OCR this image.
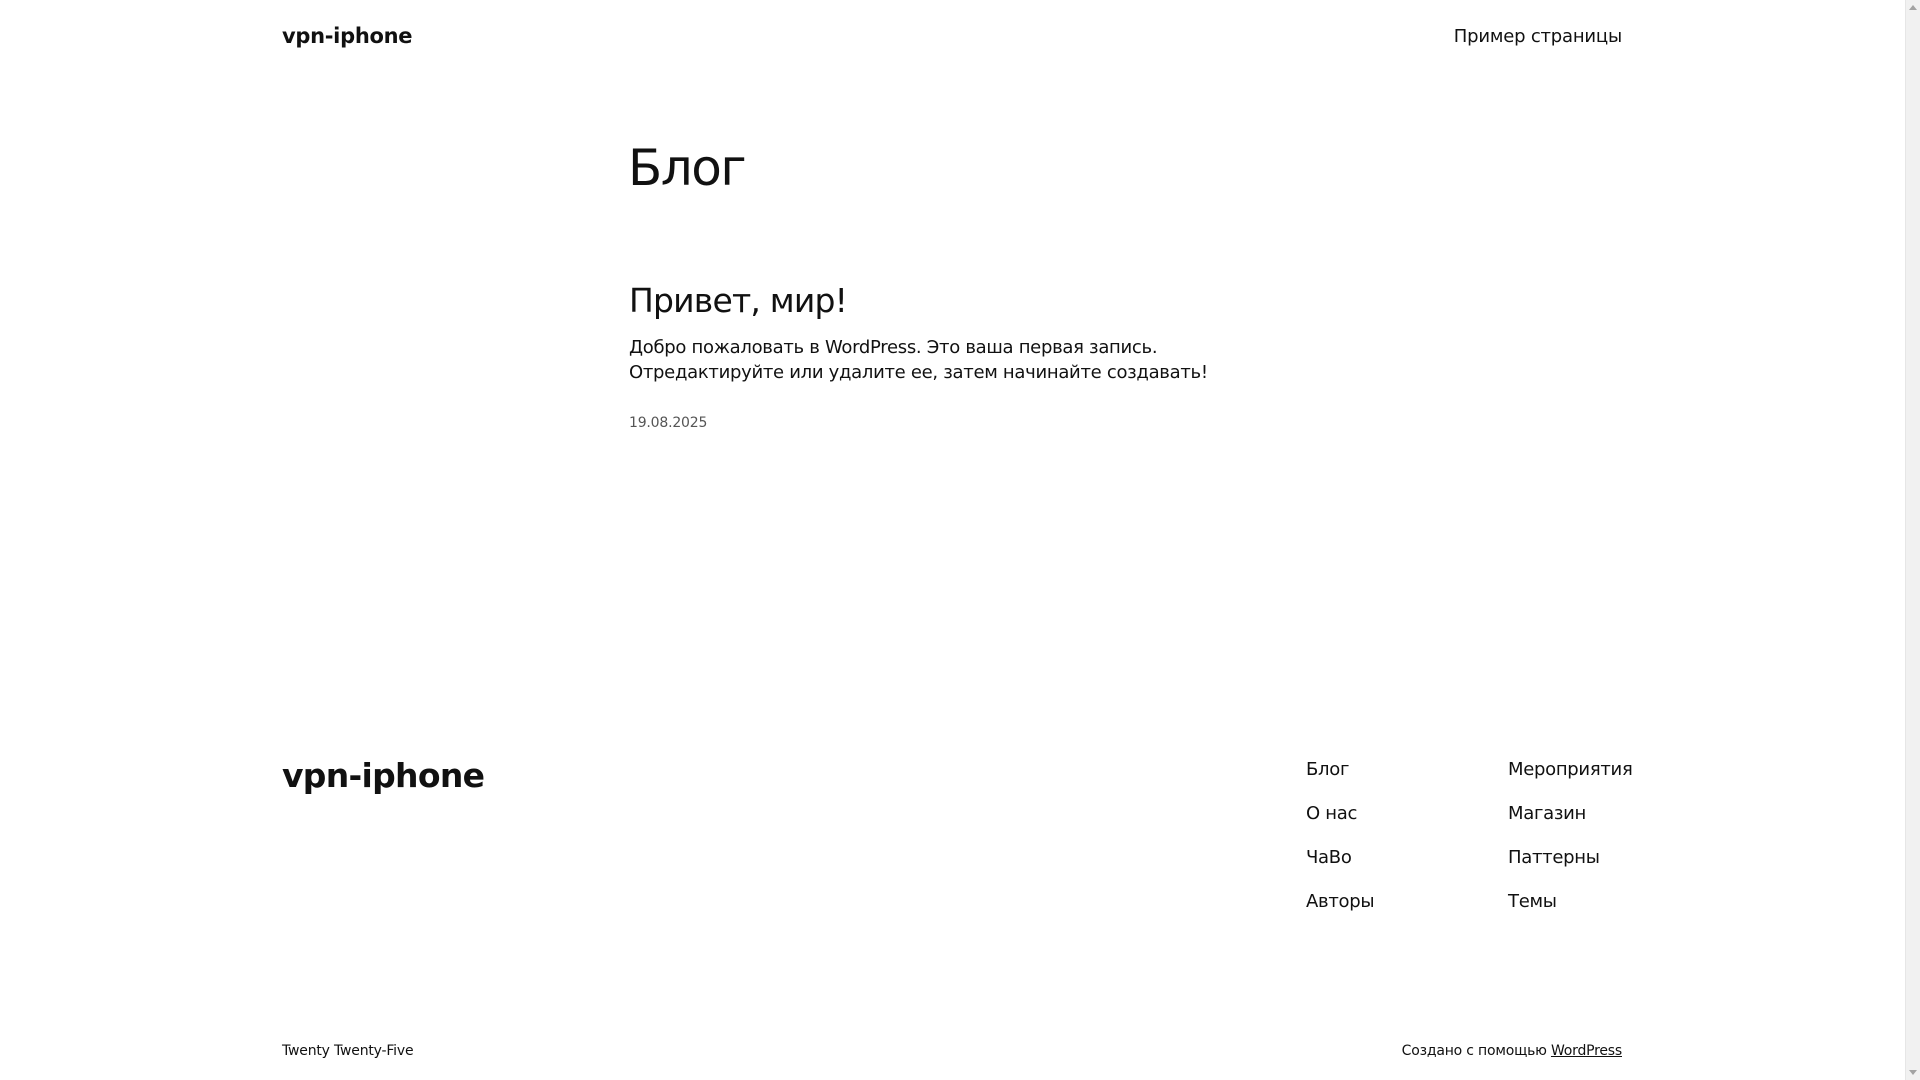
vpn-iphone	Пример страницы
Блог
Привет, мир!

Добро пожаловать в WordPress. Это ваша первая запись. Отредактируйте или удалите ее, затем начинайте создавать!

19.08.2025
vpn-iphone	Блог
О нас
ЧаВо
Авторы
Мероприятия
Магазин
Паттерны
Темы
Twenty Twenty-Five	Создано с помощью WordPress
